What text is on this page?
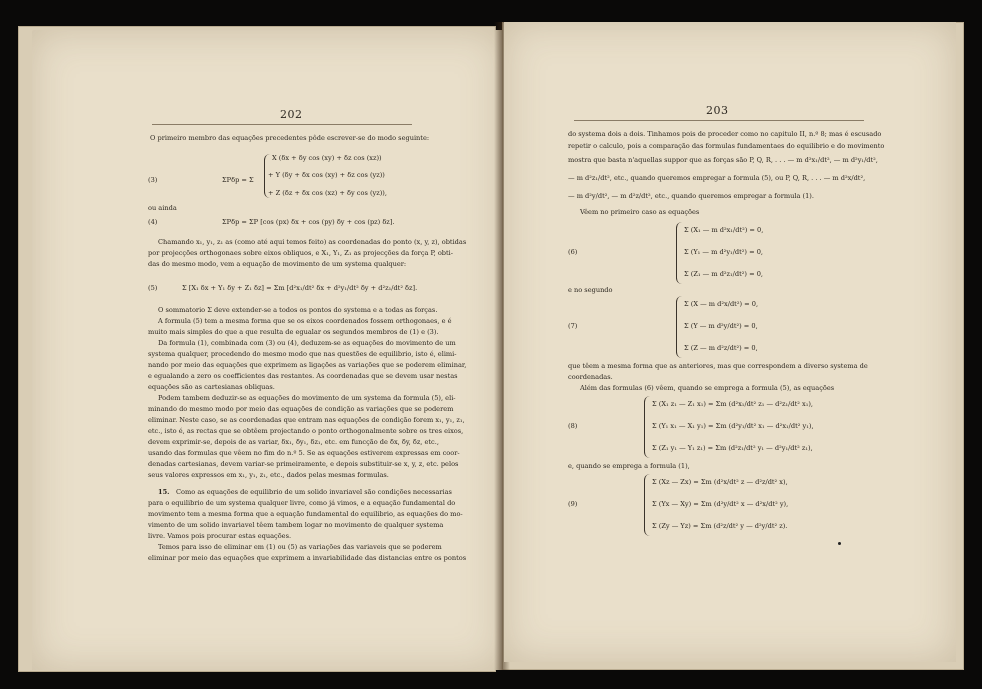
202
O primeiro membro das equações precedentes pôde escrever-se do modo seguinte:
(3)	ΣPδp = Σ
X (δx + δy cos (xy) + δz cos (xz))
+ Y (δy + δx cos (xy) + δz cos (yz))
+ Z (δz + δx cos (xz) + δy cos (yz)),
ou ainda
(4)	ΣPδp = ΣP [cos (px) δx + cos (py) δy + cos (pz) δz].
Chamando x₁, y₁, z₁ as (como até aqui temos feito) as coordenadas do ponto (x, y, z), obtidas
por projecções orthogonaes sobre eixos obliquos, e X₁, Y₁, Z₁ as projecções da força P, obti-
das do mesmo modo, vem a equação de movimento de um systema qualquer:
(5)	Σ [X₁ δx + Y₁ δy + Z₁ δz] = Σm [d²x₁/dt² δx + d²y₁/dt² δy + d²z₁/dt² δz].
O sommatorio Σ deve extender-se a todos os pontos do systema e a todas as forças.
A formula (5) tem a mesma forma que se os eixos coordenados fossem orthogonaes, e é
muito mais simples do que a que resulta de egualar os segundos membros de (1) e (3).
Da formula (1), combinada com (3) ou (4), deduzem-se as equações do movimento de um
systema qualquer, procedendo do mesmo modo que nas questões de equilibrio, isto é, elimi-
nando por meio das equações que exprimem as ligações as variações que se poderem eliminar,
e egualando a zero os coefficientes das restantes. As coordenadas que se devem usar nestas
equações são as cartesianas obliquas.
Podem tambem deduzir-se as equações do movimento de um systema da formula (5), eli-
minando do mesmo modo por meio das equações de condição as variações que se poderem
eliminar. Neste caso, se as coordenadas que entram nas equações de condição forem x₁, y₁, z₁,
etc., isto é, as rectas que se obtêem projectando o ponto orthogonalmente sobre os tres eixos,
devem exprimir-se, depois de as variar, δx₁, δy₁, δz₁, etc. em funcção de δx, δy, δz, etc.,
usando das formulas que vêem no fim do n.º 5. Se as equações estiverem expressas em coor-
denadas cartesianas, devem variar-se primeiramente, e depois substituir-se x, y, z, etc. pelos
seus valores expressos em x₁, y₁, z₁, etc., dados pelas mesmas formulas.
15. Como as equações de equilibrio de um solido invariavel são condições necessarias
para o equilibrio de um systema qualquer livre, como já vimos, e a equação fundamental do
movimento tem a mesma forma que a equação fundamental do equilibrio, as equações do mo-
vimento de um solido invariavel têem tambem logar no movimento de qualquer systema
livre. Vamos pois procurar estas equações.
Temos para isso de eliminar em (1) ou (5) as variações das variaveis que se poderem
eliminar por meio das equações que exprimem a invariabilidade das distancias entre os pontos
203
do systema dois a dois. Tinhamos pois de proceder como no capitulo II, n.º 8; mas é escusado
repetir o calculo, pois a comparação das formulas fundamentaes do equilibrio e do movimento
mostra que basta n'aquellas suppor que as forças são P, Q, R, . . . — m d²x₁/dt², — m d²y₁/dt²,
— m d²z₁/dt², etc., quando queremos empregar a formula (5), ou P, Q, R, . . . — m d²x/dt²,
— m d²y/dt², — m d²z/dt², etc., quando queremos empregar a formula (1).
Vêem no primeiro caso as equações
(6)
Σ (X₁ — m d²x₁/dt²) = 0,
Σ (Y₁ — m d²y₁/dt²) = 0,
Σ (Z₁ — m d²z₁/dt²) = 0,
e no segundo
(7)
Σ (X — m d²x/dt²) = 0,
Σ (Y — m d²y/dt²) = 0,
Σ (Z — m d²z/dt²) = 0,
que têem a mesma forma que as anteriores, mas que correspondem a diverso systema de
coordenadas.
Além das formulas (6) vêem, quando se emprega a formula (5), as equações
(8)
Σ (X₁ z₁ — Z₁ x₁) = Σm (d²x₁/dt² z₁ — d²z₁/dt² x₁),
Σ (Y₁ x₁ — X₁ y₁) = Σm (d²y₁/dt² x₁ — d²x₁/dt² y₁),
Σ (Z₁ y₁ — Y₁ z₁) = Σm (d²z₁/dt² y₁ — d²y₁/dt² z₁),
e, quando se emprega a formula (1),
(9)
Σ (Xz — Zx) = Σm (d²x/dt² z — d²z/dt² x),
Σ (Yx — Xy) = Σm (d²y/dt² x — d²x/dt² y),
Σ (Zy — Yz) = Σm (d²z/dt² y — d²y/dt² z).
